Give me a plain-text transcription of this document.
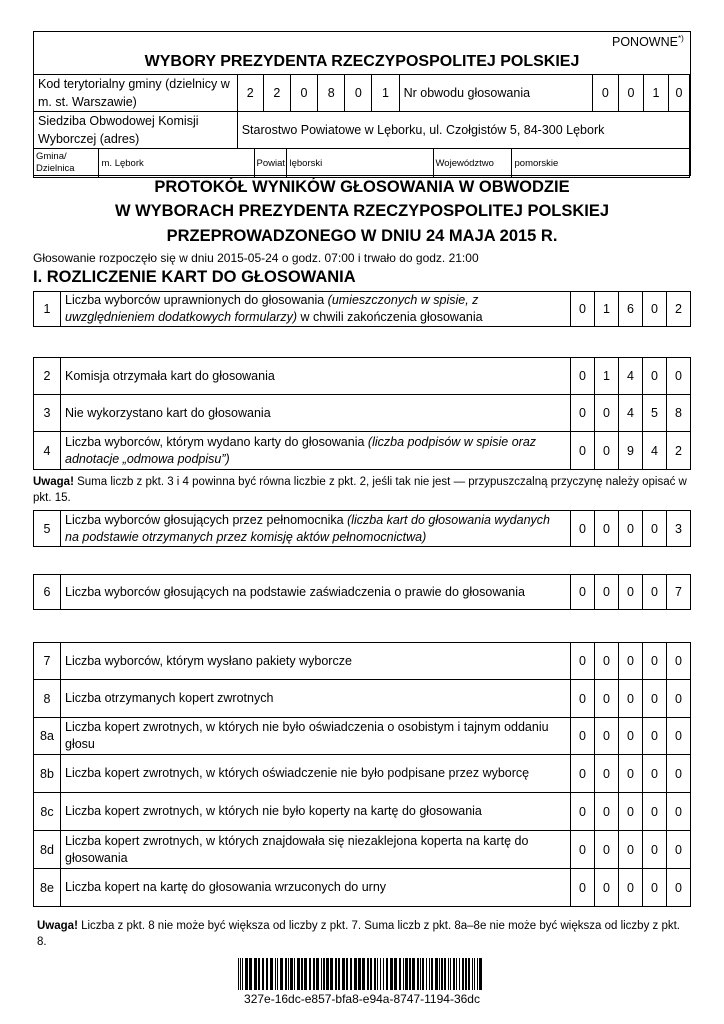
PONOWNE*)
WYBORY PREZYDENTA RZECZYPOSPOLITEJ POLSKIEJ
Kod terytorialny gminy (dzielnicy w m. st. Warszawie)	2	2	0	8	0	1	Nr obwodu głosowania	0	0	1	0
Siedziba Obwodowej Komisji Wyborczej (adres)	Starostwo Powiatowe w Lęborku, ul. Czołgistów 5, 84-300 Lębork

Gmina/ Dzielnica	m. Lębork	Powiat	lęborski	Województwo	pomorskie
PROTOKÓŁ WYNIKÓW GŁOSOWANIA W OBWODZIE
W WYBORACH PREZYDENTA RZECZYPOSPOLITEJ POLSKIEJ
PRZEPROWADZONEGO W DNIU 24 MAJA 2015 R.
Głosowanie rozpoczęło się w dniu 2015-05-24 o godz. 07:00 i trwało do godz. 21:00
I. ROZLICZENIE KART DO GŁOSOWANIA
1	Liczba wyborców uprawnionych do głosowania (umieszczonych w spisie, z uwzględnieniem dodatkowych formularzy) w chwili zakończenia głosowania	0	1	6	0	2
2	Komisja otrzymała kart do głosowania	0	1	4	0	0
3	Nie wykorzystano kart do głosowania	0	0	4	5	8
4	Liczba wyborców, którym wydano karty do głosowania (liczba podpisów w spisie oraz adnotacje „odmowa podpisu”)	0	0	9	4	2
Uwaga! Suma liczb z pkt. 3 i 4 powinna być równa liczbie z pkt. 2, jeśli tak nie jest — przypuszczalną przyczynę należy opisać w pkt. 15.
5	Liczba wyborców głosujących przez pełnomocnika (liczba kart do głosowania wydanych na podstawie otrzymanych przez komisję aktów pełnomocnictwa)	0	0	0	0	3
6	Liczba wyborców głosujących na podstawie zaświadczenia o prawie do głosowania	0	0	0	0	7
7	Liczba wyborców, którym wysłano pakiety wyborcze	0	0	0	0	0
8	Liczba otrzymanych kopert zwrotnych	0	0	0	0	0
8a	Liczba kopert zwrotnych, w których nie było oświadczenia o osobistym i tajnym oddaniu głosu	0	0	0	0	0
8b	Liczba kopert zwrotnych, w których oświadczenie nie było podpisane przez wyborcę	0	0	0	0	0
8c	Liczba kopert zwrotnych, w których nie było koperty na kartę do głosowania	0	0	0	0	0
8d	Liczba kopert zwrotnych, w których znajdowała się niezaklejona koperta na kartę do głosowania	0	0	0	0	0
8e	Liczba kopert na kartę do głosowania wrzuconych do urny	0	0	0	0	0
Uwaga! Liczba z pkt. 8 nie może być większa od liczby z pkt. 7. Suma liczb z pkt. 8a–8e nie może być większa od liczby z pkt. 8.
327e-16dc-e857-bfa8-e94a-8747-1194-36dc
